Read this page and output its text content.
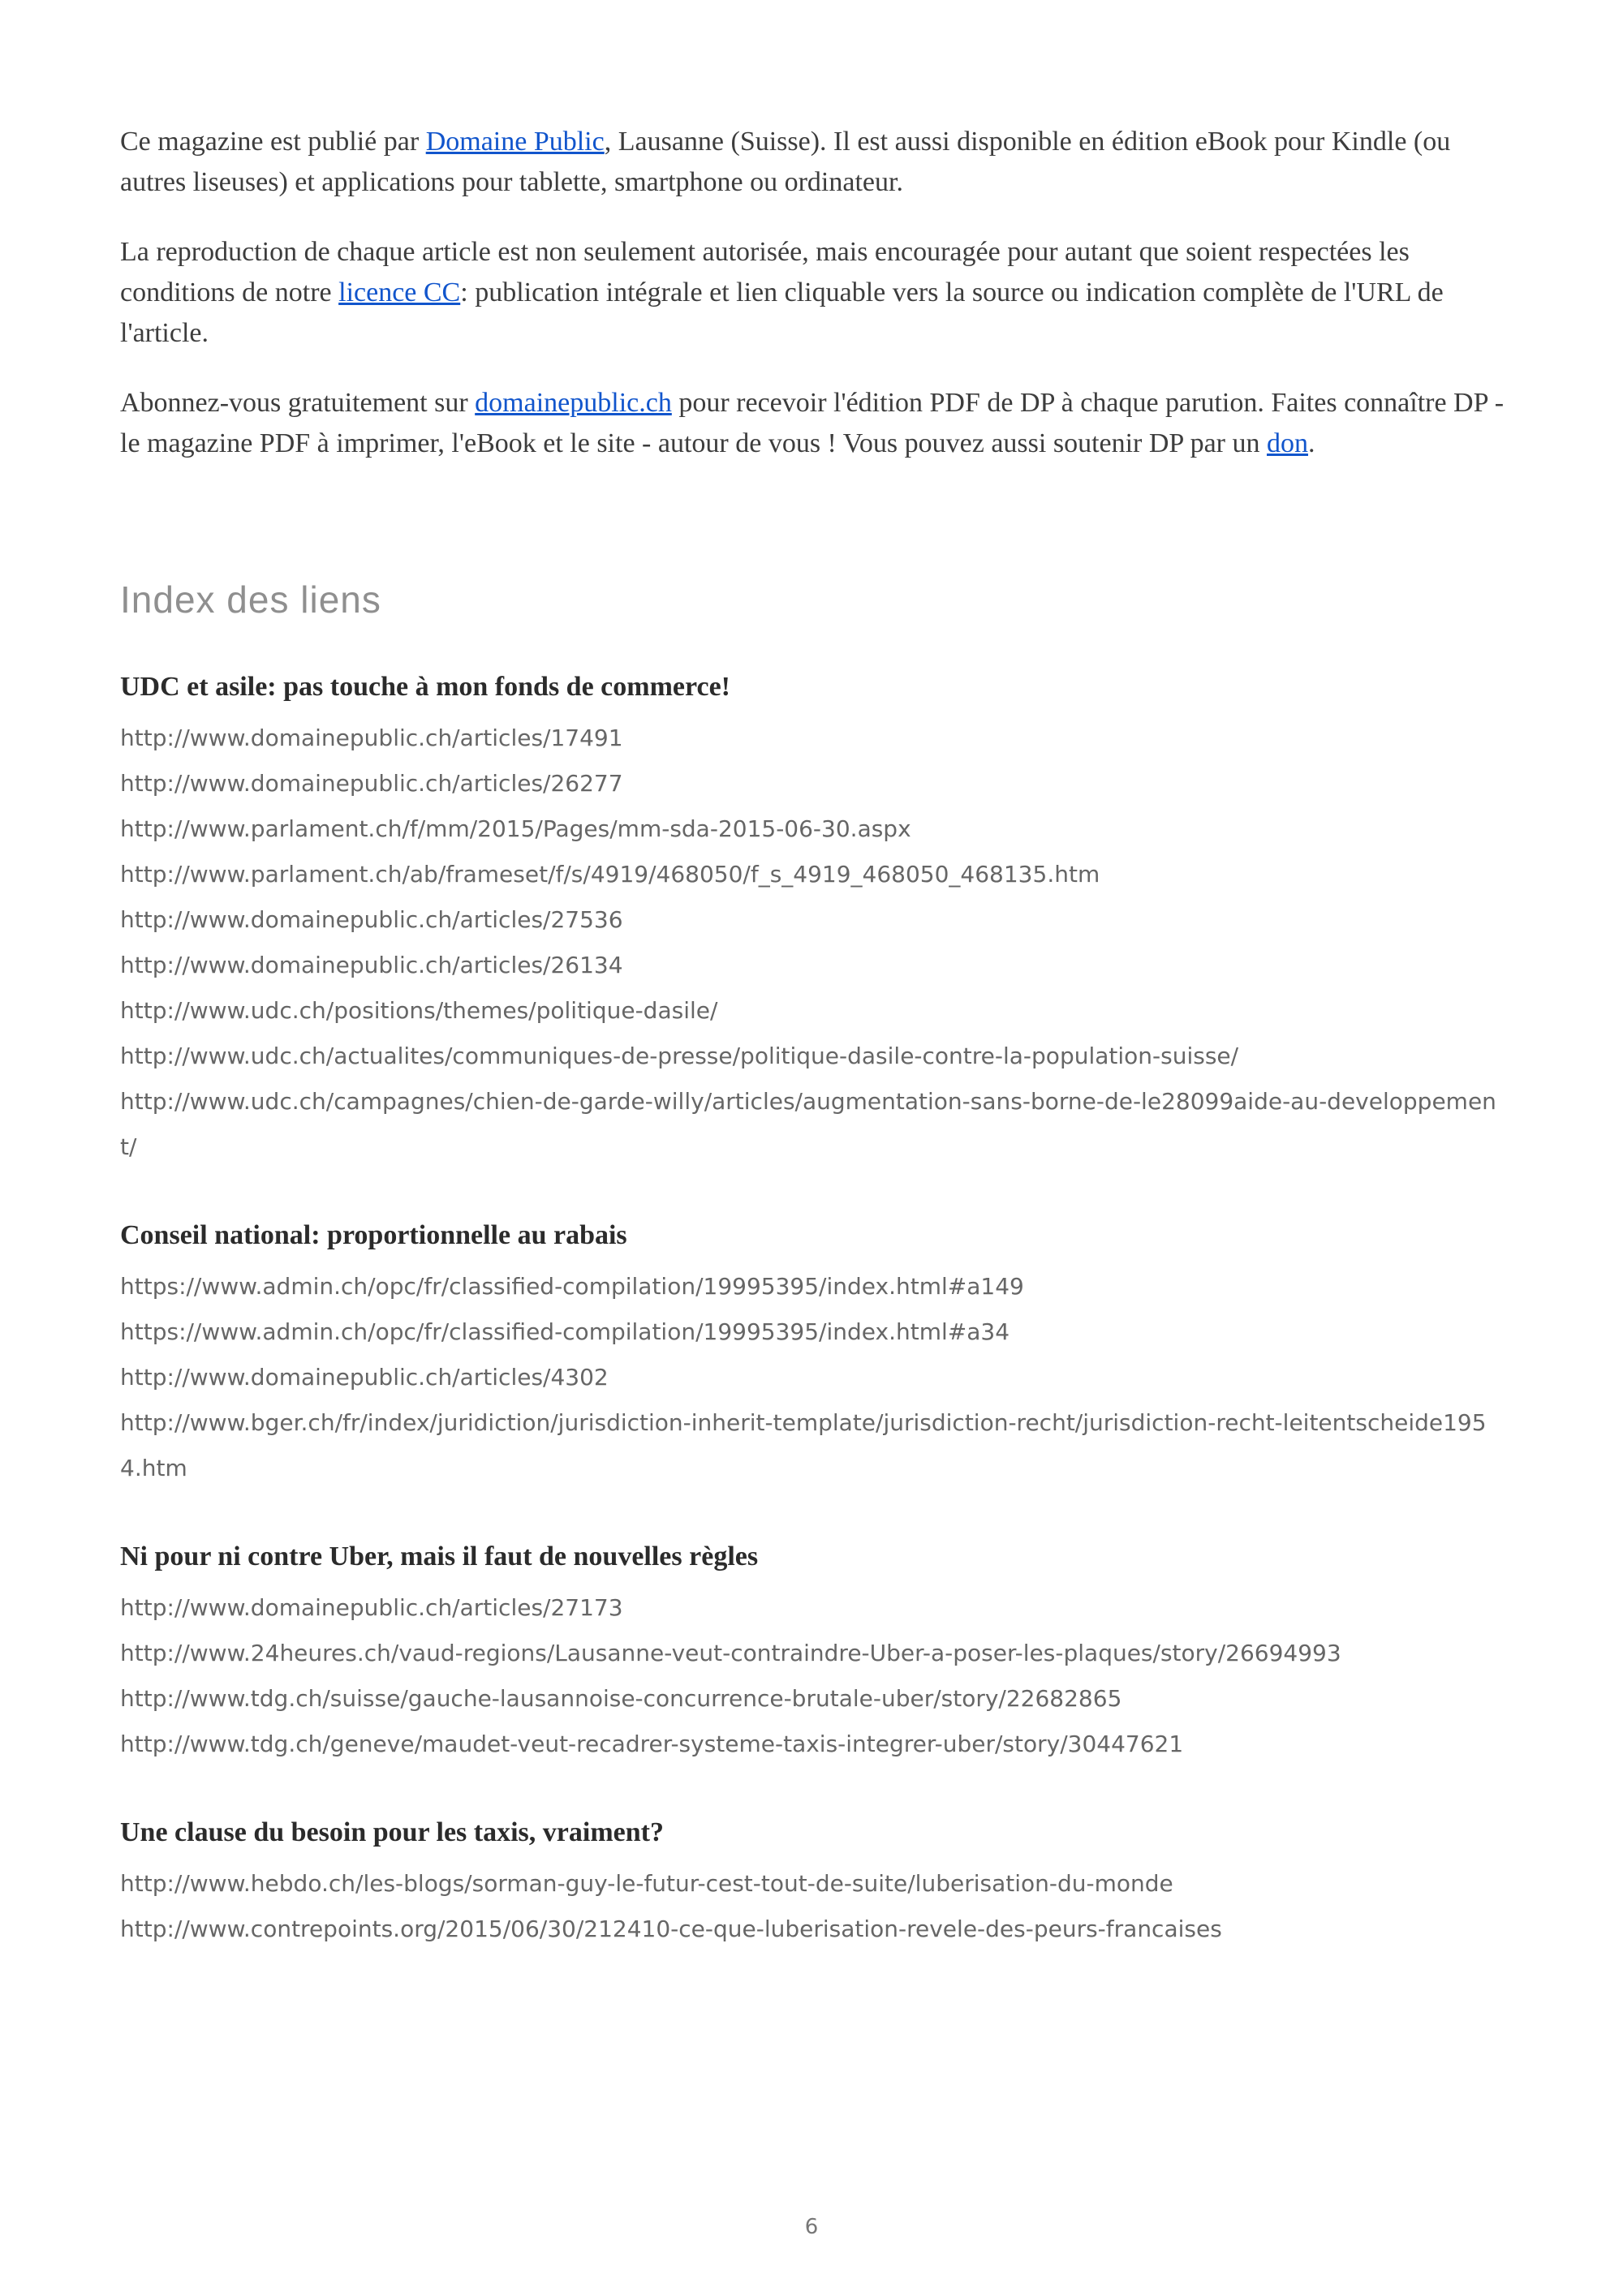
Ce magazine est publié par Domaine Public, Lausanne (Suisse). Il est aussi disponible en édition eBook pour Kindle (ou autres liseuses) et applications pour tablette, smartphone ou ordinateur.

La reproduction de chaque article est non seulement autorisée, mais encouragée pour autant que soient respectées les conditions de notre licence CC: publication intégrale et lien cliquable vers la source ou indication complète de l'URL de l'article.

Abonnez-vous gratuitement sur domainepublic.ch pour recevoir l'édition PDF de DP à chaque parution. Faites connaître DP - le magazine PDF à imprimer, l'eBook et le site - autour de vous ! Vous pouvez aussi soutenir DP par un don.

Index des liens
UDC et asile: pas touche à mon fonds de commerce!
http://www.domainepublic.ch/articles/17491
http://www.domainepublic.ch/articles/26277
http://www.parlament.ch/f/mm/2015/Pages/mm-sda-2015-06-30.aspx
http://www.parlament.ch/ab/frameset/f/s/4919/468050/f_s_4919_468050_468135.htm
http://www.domainepublic.ch/articles/27536
http://www.domainepublic.ch/articles/26134
http://www.udc.ch/positions/themes/politique-dasile/
http://www.udc.ch/actualites/communiques-de-presse/politique-dasile-contre-la-population-suisse/
http://www.udc.ch/campagnes/chien-de-garde-willy/articles/augmentation-sans-borne-de-le28099aide-au-developpement/
Conseil national: proportionnelle au rabais
https://www.admin.ch/opc/fr/classified-compilation/19995395/index.html#a149
https://www.admin.ch/opc/fr/classified-compilation/19995395/index.html#a34
http://www.domainepublic.ch/articles/4302
http://www.bger.ch/fr/index/juridiction/jurisdiction-inherit-template/jurisdiction-recht/jurisdiction-recht-leitentscheide1954.htm
Ni pour ni contre Uber, mais il faut de nouvelles règles
http://www.domainepublic.ch/articles/27173
http://www.24heures.ch/vaud-regions/Lausanne-veut-contraindre-Uber-a-poser-les-plaques/story/26694993
http://www.tdg.ch/suisse/gauche-lausannoise-concurrence-brutale-uber/story/22682865
http://www.tdg.ch/geneve/maudet-veut-recadrer-systeme-taxis-integrer-uber/story/30447621
Une clause du besoin pour les taxis, vraiment?
http://www.hebdo.ch/les-blogs/sorman-guy-le-futur-cest-tout-de-suite/luberisation-du-monde
http://www.contrepoints.org/2015/06/30/212410-ce-que-luberisation-revele-des-peurs-francaises
6
